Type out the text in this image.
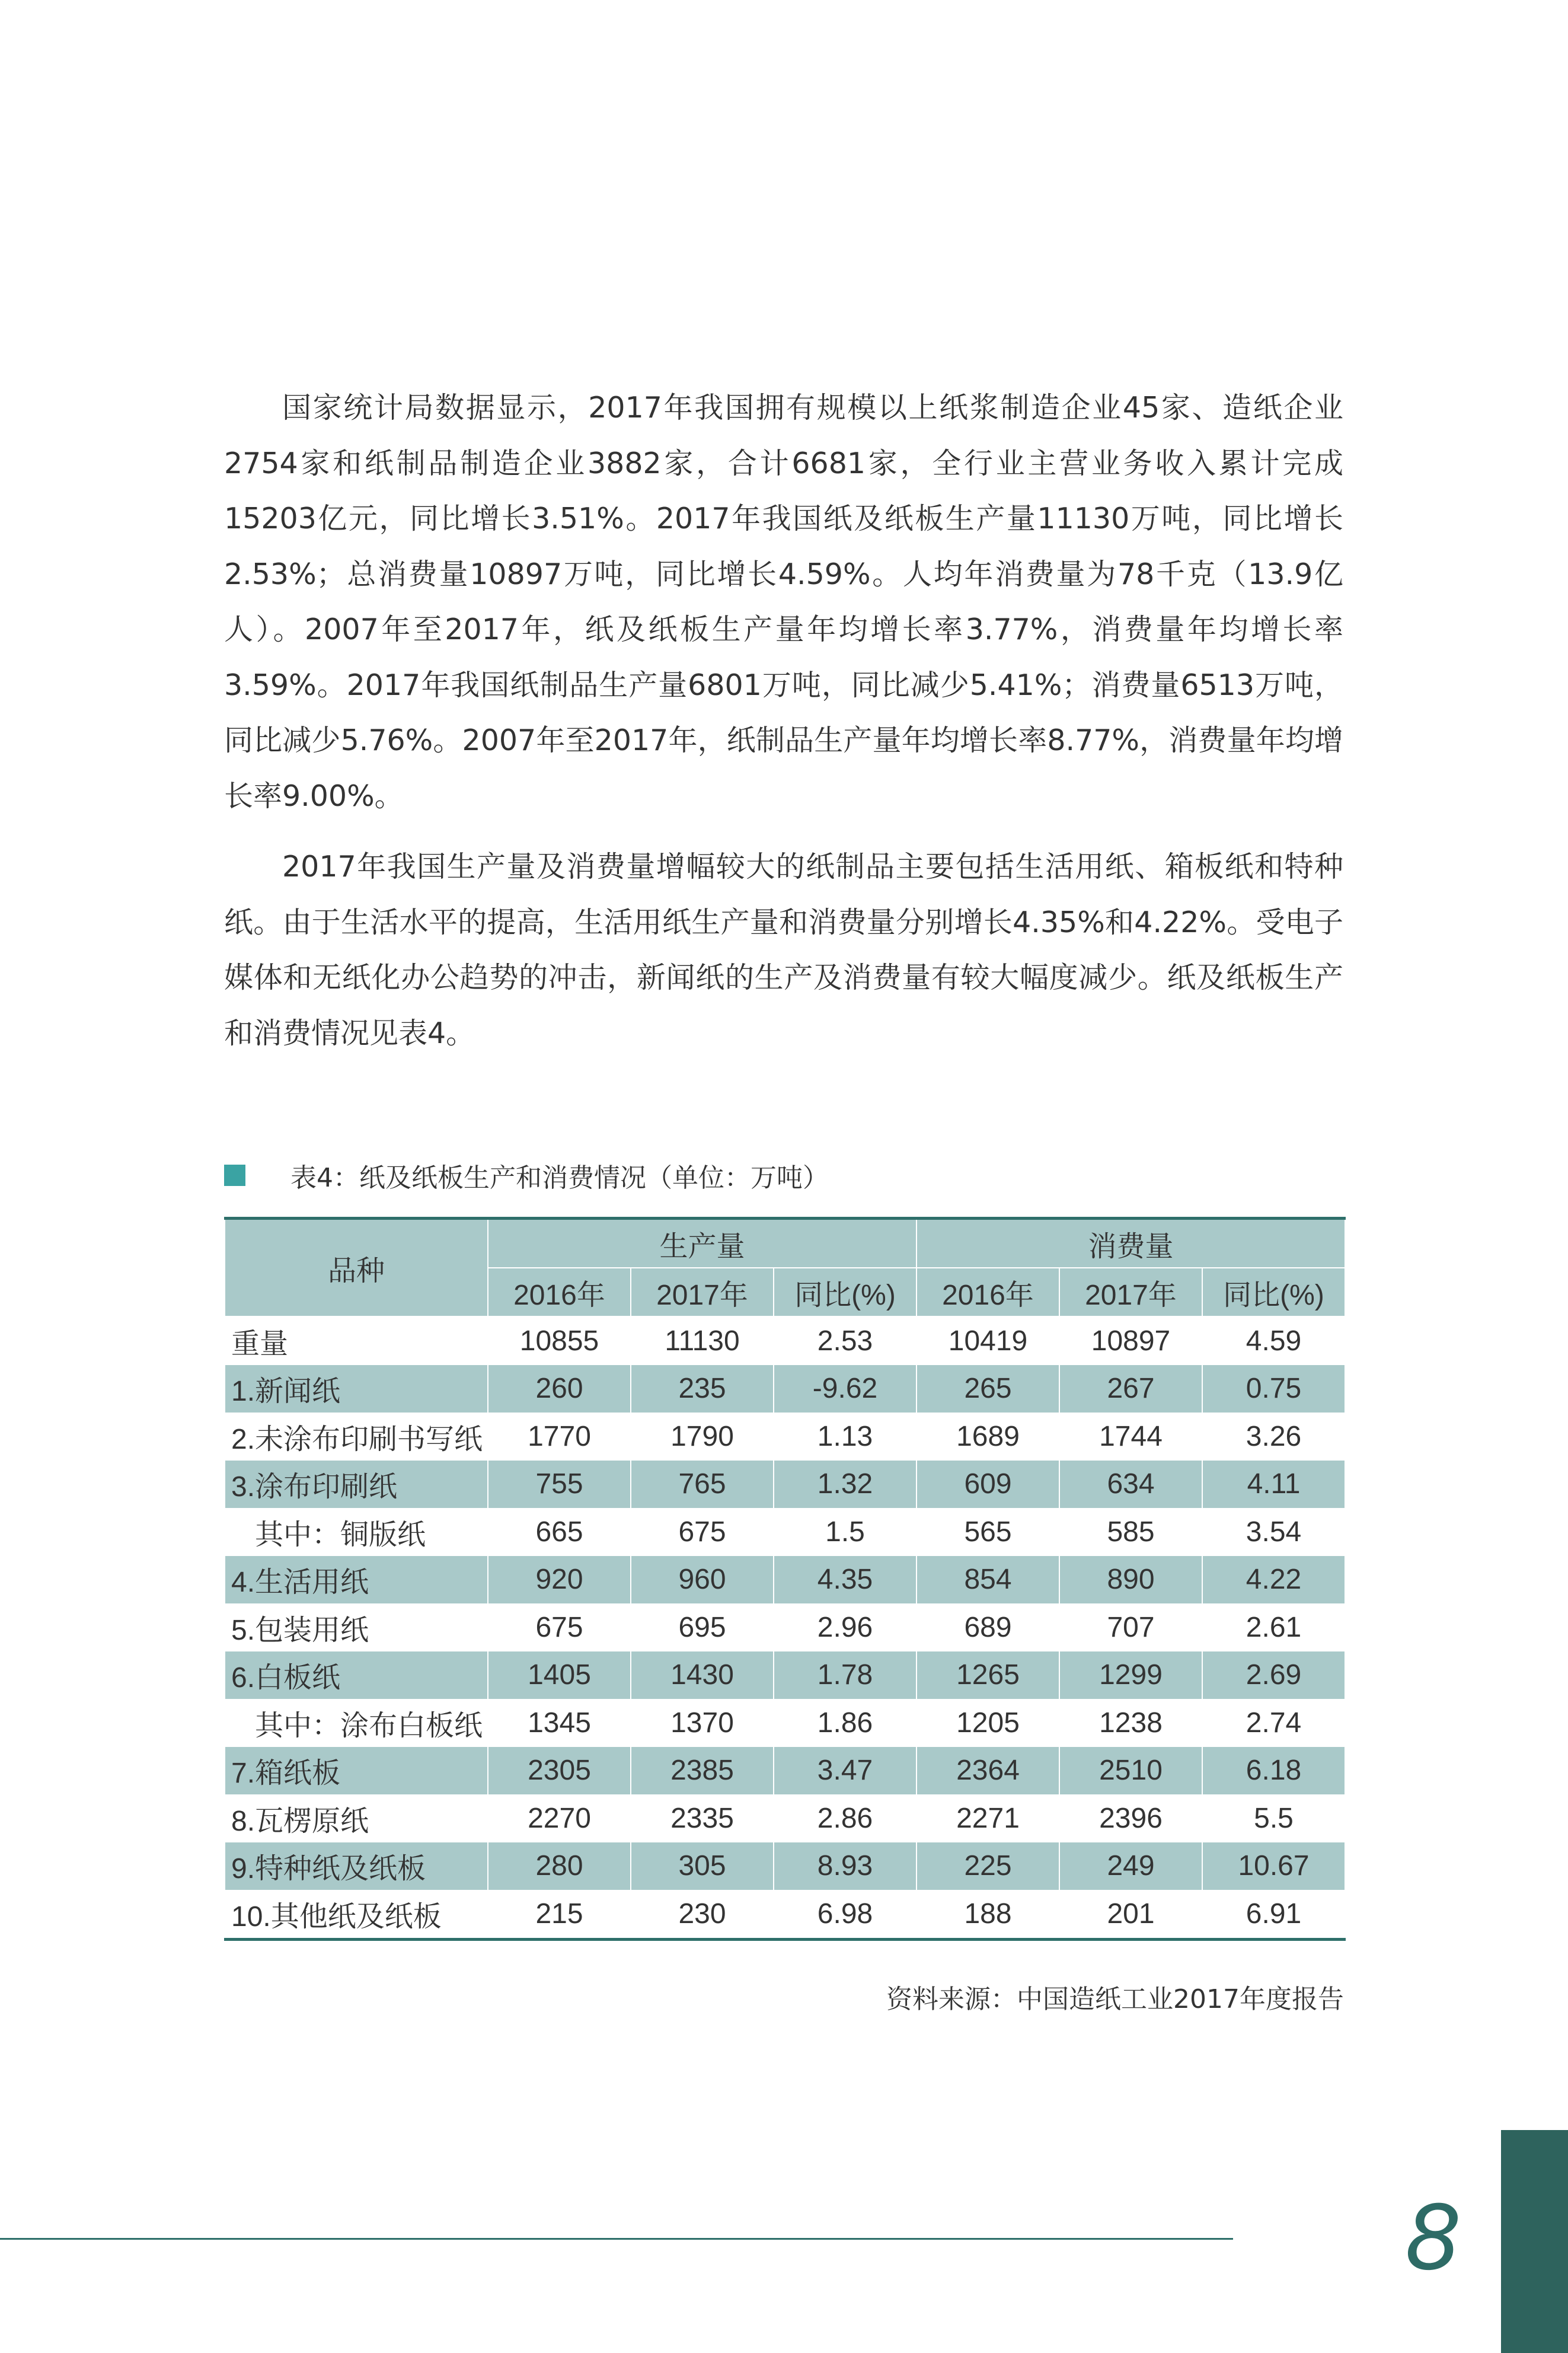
国家统计局数据显示，2017年我国拥有规模以上纸浆制造企业45家、造纸企业2754家和纸制品制造企业3882家，合计6681家，全行业主营业务收入累计完成15203亿元，同比增长3.51%。2017年我国纸及纸板生产量11130万吨，同比增长2.53%；总消费量10897万吨，同比增长4.59%。人均年消费量为78千克（13.9亿人）。2007年至2017年，纸及纸板生产量年均增长率3.77%，消费量年均增长率3.59%。2017年我国纸制品生产量6801万吨，同比减少5.41%；消费量6513万吨，同比减少5.76%。2007年至2017年，纸制品生产量年均增长率8.77%，消费量年均增长率9.00%。

2017年我国生产量及消费量增幅较大的纸制品主要包括生活用纸、箱板纸和特种纸。由于生活水平的提高，生活用纸生产量和消费量分别增长4.35%和4.22%。受电子媒体和无纸化办公趋势的冲击，新闻纸的生产及消费量有较大幅度减少。纸及纸板生产和消费情况见表4。

表4：纸及纸板生产和消费情况（单位：万吨）
品种	生产量			消费量		
	2016年	2017年	同比(%)	2016年	2017年	同比(%)
重量	10855	11130	2.53	10419	10897	4.59
1.新闻纸	260	235	-9.62	265	267	0.75
2.未涂布印刷书写纸	1770	1790	1.13	1689	1744	3.26
3.涂布印刷纸	755	765	1.32	609	634	4.11
其中：铜版纸	665	675	1.5	565	585	3.54
4.生活用纸	920	960	4.35	854	890	4.22
5.包装用纸	675	695	2.96	689	707	2.61
6.白板纸	1405	1430	1.78	1265	1299	2.69
其中：涂布白板纸	1345	1370	1.86	1205	1238	2.74
7.箱纸板	2305	2385	3.47	2364	2510	6.18
8.瓦楞原纸	2270	2335	2.86	2271	2396	5.5
9.特种纸及纸板	280	305	8.93	225	249	10.67
10.其他纸及纸板	215	230	6.98	188	201	6.91
资料来源：中国造纸工业2017年度报告
8
